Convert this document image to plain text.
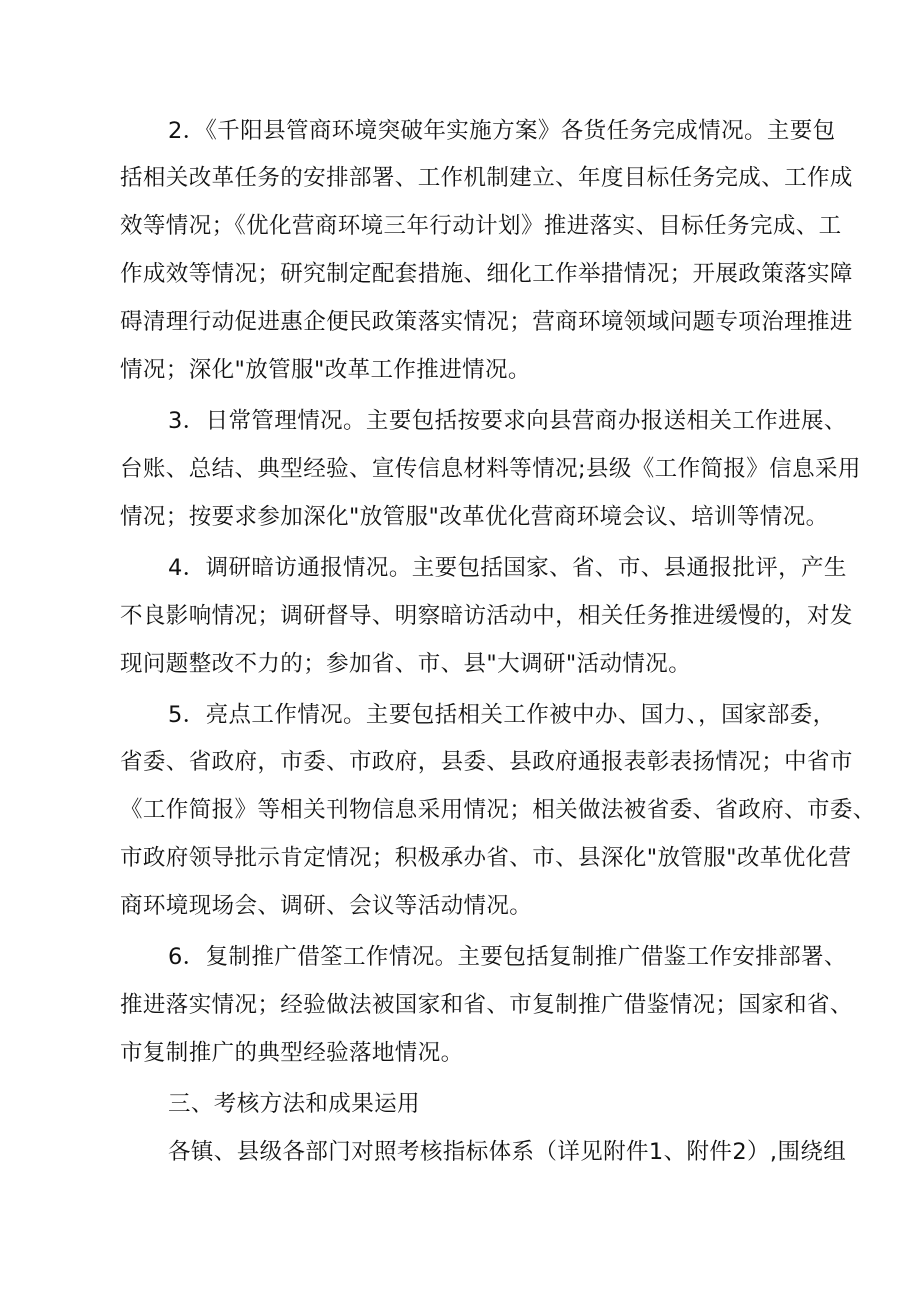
2．《千阳县管商环境突破年实施方案》各货任务完成情况。主要包
括相关改革任务的安排部署、工作机制建立、年度目标任务完成、工作成
效等情况；《优化营商环境三年行动计划》推进落实、目标任务完成、工
作成效等情况；研究制定配套措施、细化工作举措情况；开展政策落实障
碍清理行动促进惠企便民政策落实情况；营商环境领域问题专项治理推进
情况；深化"放管服"改革工作推进情况。
3．日常管理情况。主要包括按要求向县营商办报送相关工作进展、
台账、总结、典型经验、宣传信息材料等情况;县级《工作简报》信息采用
情况；按要求参加深化"放管服"改革优化营商环境会议、培训等情况。
4．调研暗访通报情况。主要包括国家、省、市、县通报批评，产生
不良影响情况；调研督导、明察暗访活动中，相关任务推进缓慢的，对发
现问题整改不力的；参加省、市、县"大调研"活动情况。
5．亮点工作情况。主要包括相关工作被中办、国力、，国家部委，
省委、省政府，市委、市政府，县委、县政府通报表彰表扬情况；中省市
《工作简报》等相关刊物信息采用情况；相关做法被省委、省政府、市委、
市政府领导批示肯定情况；积极承办省、市、县深化"放管服"改革优化营
商环境现场会、调研、会议等活动情况。
6．复制推广借筌工作情况。主要包括复制推广借鉴工作安排部署、
推进落实情况；经验做法被国家和省、市复制推广借鉴情况；国家和省、
市复制推广的典型经验落地情况。
三、考核方法和成果运用
各镇、县级各部门对照考核指标体系（详见附件1、附件2）,围绕组
